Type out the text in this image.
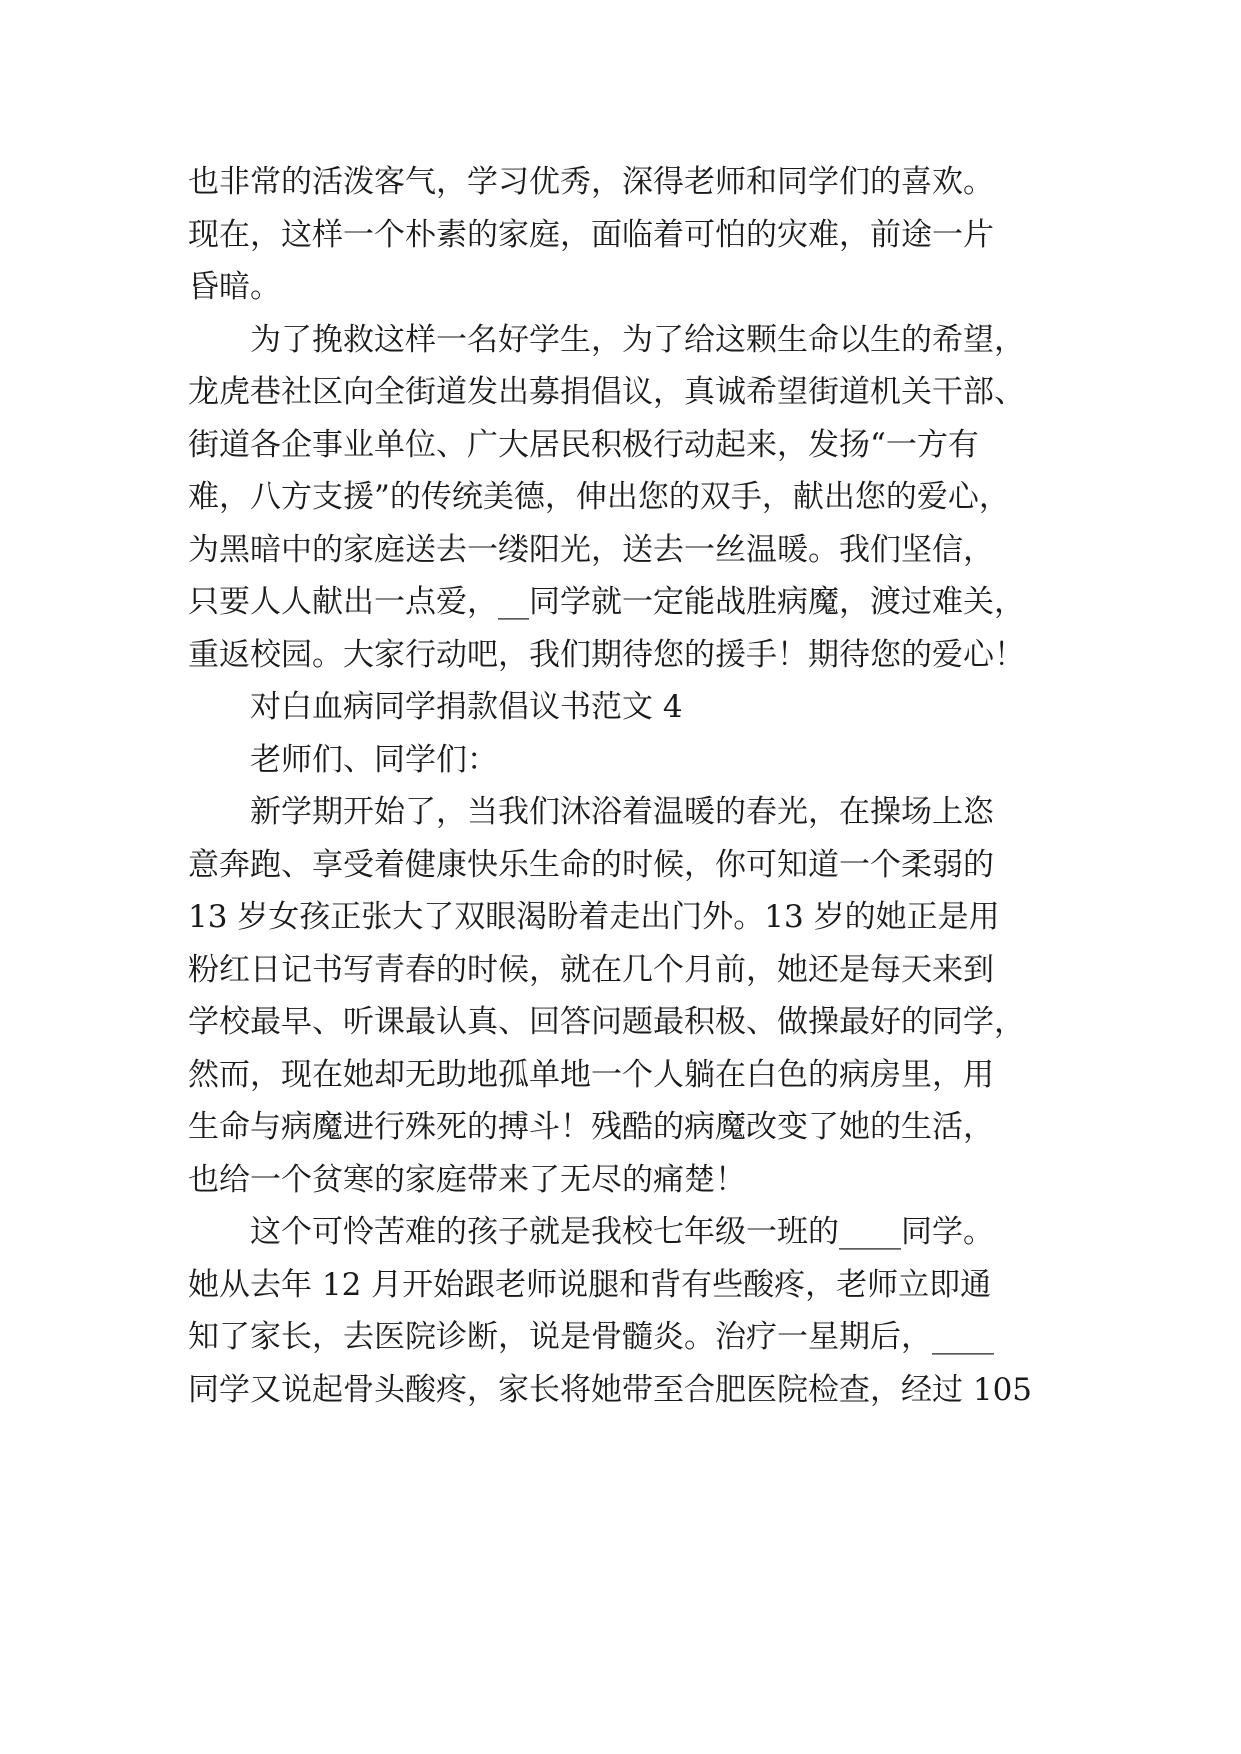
也非常的活泼客气，学习优秀，深得老师和同学们的喜欢。
现在，这样一个朴素的家庭，面临着可怕的灾难，前途一片
昏暗。
为了挽救这样一名好学生，为了给这颗生命以生的希望，
龙虎巷社区向全街道发出募捐倡议，真诚希望街道机关干部、
街道各企事业单位、广大居民积极行动起来，发扬“一方有
难，八方支援”的传统美德，伸出您的双手，献出您的爱心，
为黑暗中的家庭送去一缕阳光，送去一丝温暖。我们坚信，
只要人人献出一点爱，__同学就一定能战胜病魔，渡过难关，
重返校园。大家行动吧，我们期待您的援手！期待您的爱心！
对白血病同学捐款倡议书范文 4
老师们、同学们：
新学期开始了，当我们沐浴着温暖的春光，在操场上恣
意奔跑、享受着健康快乐生命的时候，你可知道一个柔弱的
13 岁女孩正张大了双眼渴盼着走出门外。13 岁的她正是用
粉红日记书写青春的时候，就在几个月前，她还是每天来到
学校最早、听课最认真、回答问题最积极、做操最好的同学，
然而，现在她却无助地孤单地一个人躺在白色的病房里，用
生命与病魔进行殊死的搏斗！残酷的病魔改变了她的生活，
也给一个贫寒的家庭带来了无尽的痛楚！
这个可怜苦难的孩子就是我校七年级一班的____同学。
她从去年 12 月开始跟老师说腿和背有些酸疼，老师立即通
知了家长，去医院诊断，说是骨髓炎。治疗一星期后，____
同学又说起骨头酸疼，家长将她带至合肥医院检查，经过 105
